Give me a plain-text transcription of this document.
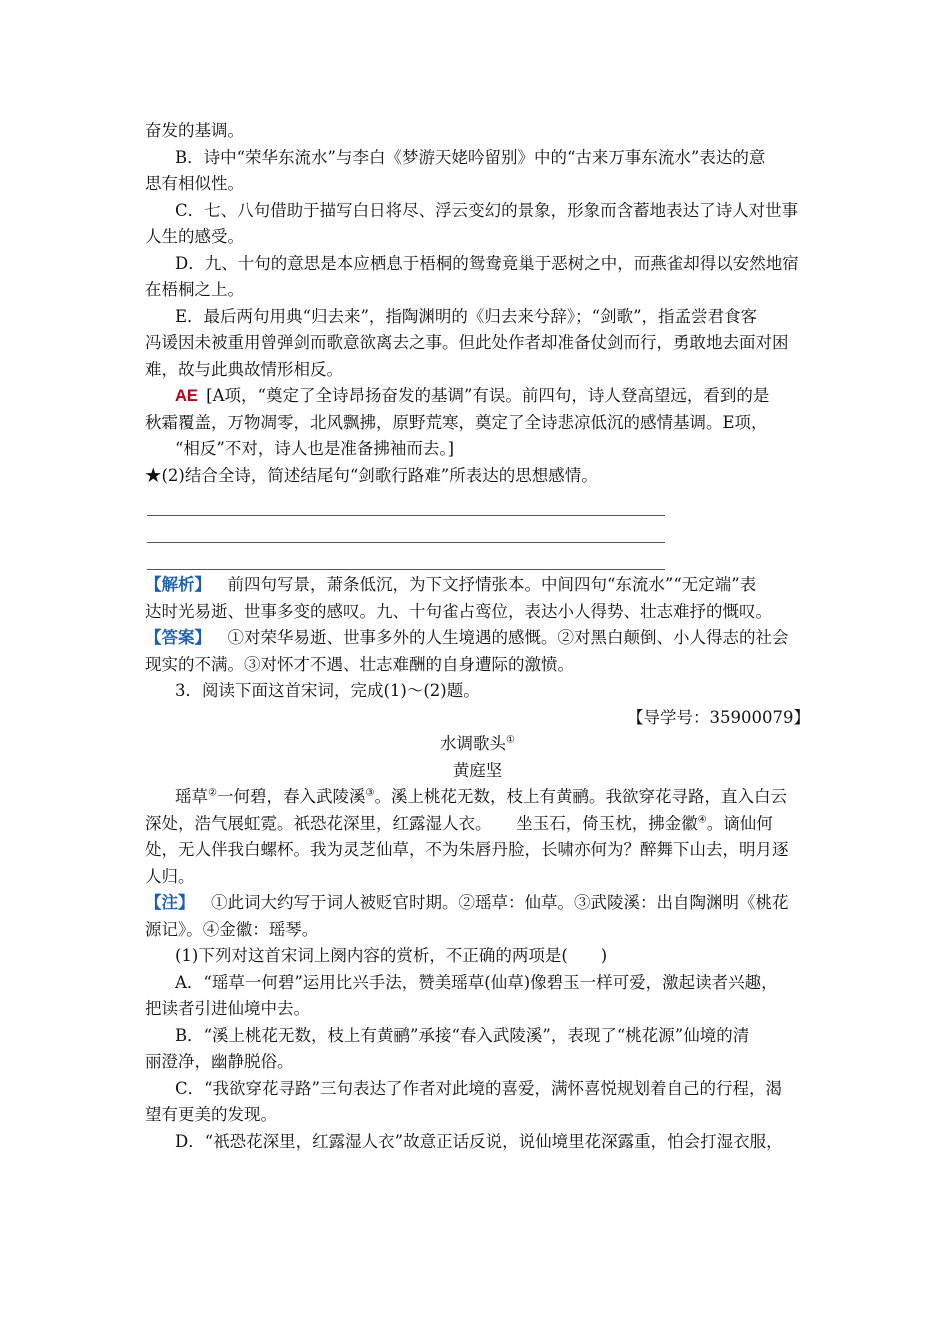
奋发的基调。
B．诗中“荣华东流水”与李白《梦游天姥吟留别》中的“古来万事东流水”表达的意
思有相似性。
C．七、八句借助于描写白日将尽、浮云变幻的景象，形象而含蓄地表达了诗人对世事
人生的感受。
D．九、十句的意思是本应栖息于梧桐的鸳鸯竟巢于恶树之中，而燕雀却得以安然地宿
在梧桐之上。
E．最后两句用典“归去来”，指陶渊明的《归去来兮辞》；“剑歌”，指孟尝君食客
冯谖因未被重用曾弹剑而歌意欲离去之事。但此处作者却准备仗剑而行，勇敢地去面对困
难，故与此典故情形相反。
AE  [A项，“奠定了全诗昂扬奋发的基调”有误。前四句，诗人登高望远，看到的是
秋霜覆盖，万物凋零，北风飘拂，原野荒寒，奠定了全诗悲凉低沉的感情基调。E项，
“相反”不对，诗人也是准备拂袖而去。]
★(2)结合全诗，简述结尾句“剑歌行路难”所表达的思想感情。
【解析】  前四句写景，萧条低沉，为下文抒情张本。中间四句“东流水”“无定端”表
达时光易逝、世事多变的感叹。九、十句雀占鸾位，表达小人得势、壮志难抒的慨叹。
【答案】  ①对荣华易逝、世事多外的人生境遇的感慨。②对黑白颠倒、小人得志的社会
现实的不满。③对怀才不遇、壮志难酬的自身遭际的激愤。
3．阅读下面这首宋词，完成(1)～(2)题。
【导学号：35900079】
水调歌头①
黄庭坚
瑶草②一何碧，春入武陵溪③。溪上桃花无数，枝上有黄鹂。我欲穿花寻路，直入白云
深处，浩气展虹霓。祇恐花深里，红露湿人衣。　　坐玉石，倚玉枕，拂金徽④。谪仙何
处，无人伴我白螺杯。我为灵芝仙草，不为朱唇丹脸，长啸亦何为？醉舞下山去，明月逐
人归。
【注】  ①此词大约写于词人被贬官时期。②瑶草：仙草。③武陵溪：出自陶渊明《桃花
源记》。④金徽：瑶琴。
(1)下列对这首宋词上阕内容的赏析，不正确的两项是(　　)
A．“瑶草一何碧”运用比兴手法，赞美瑶草(仙草)像碧玉一样可爱，激起读者兴趣，
把读者引进仙境中去。
B．“溪上桃花无数，枝上有黄鹂”承接“春入武陵溪”，表现了“桃花源”仙境的清
丽澄净，幽静脱俗。
C．“我欲穿花寻路”三句表达了作者对此境的喜爱，满怀喜悦规划着自己的行程，渴
望有更美的发现。
D．“祇恐花深里，红露湿人衣”故意正话反说，说仙境里花深露重，怕会打湿衣服，
